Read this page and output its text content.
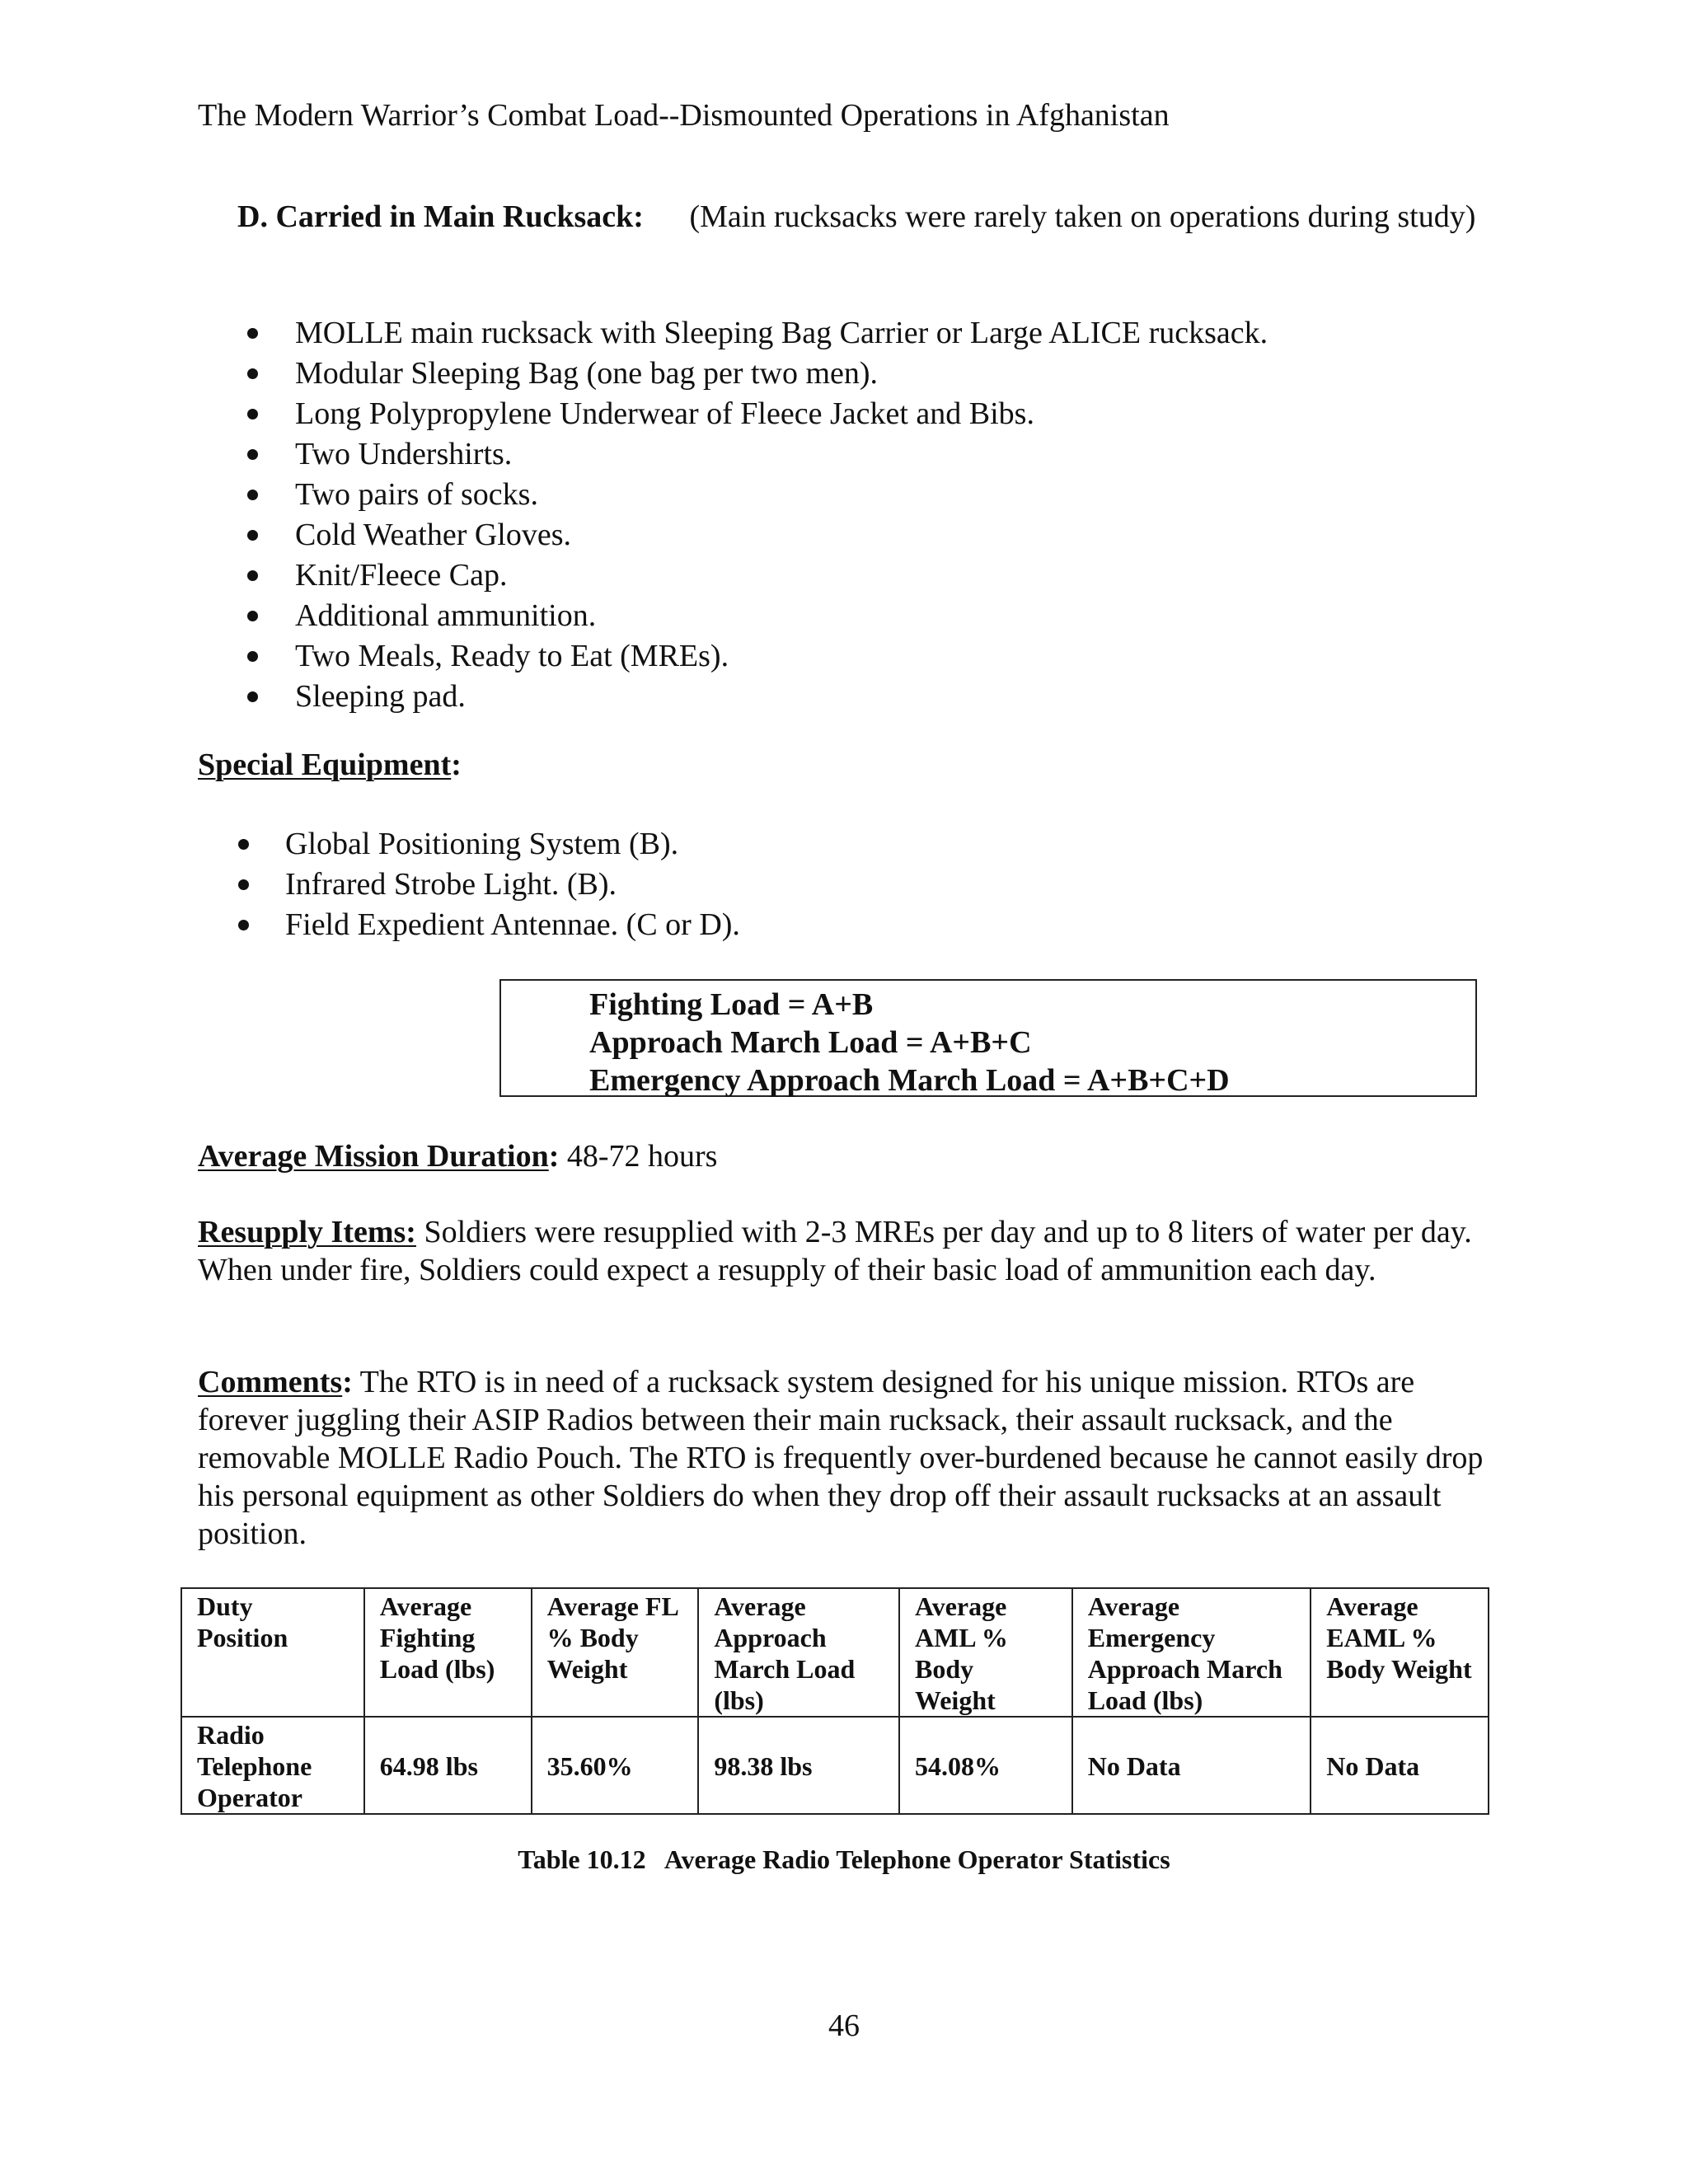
The Modern Warrior’s Combat Load--Dismounted Operations in Afghanistan
D. Carried in Main Rucksack: (Main rucksacks were rarely taken on operations during study)
MOLLE main rucksack with Sleeping Bag Carrier or Large ALICE rucksack.
Modular Sleeping Bag (one bag per two men).
Long Polypropylene Underwear of Fleece Jacket and Bibs.
Two Undershirts.
Two pairs of socks.
Cold Weather Gloves.
Knit/Fleece Cap.
Additional ammunition.
Two Meals, Ready to Eat (MREs).
Sleeping pad.
Special Equipment:
Global Positioning System (B).
Infrared Strobe Light. (B).
Field Expedient Antennae. (C or D).
Fighting Load = A+B
Approach March Load = A+B+C
Emergency Approach March Load = A+B+C+D
Average Mission Duration: 48-72 hours
Resupply Items: Soldiers were resupplied with 2-3 MREs per day and up to 8 liters of water per day. When under fire, Soldiers could expect a resupply of their basic load of ammunition each day.
Comments: The RTO is in need of a rucksack system designed for his unique mission. RTOs are forever juggling their ASIP Radios between their main rucksack, their assault rucksack, and the removable MOLLE Radio Pouch. The RTO is frequently over-burdened because he cannot easily drop his personal equipment as other Soldiers do when they drop off their assault rucksacks at an assault position.
Duty Position	Average Fighting Load (lbs)	Average FL % Body Weight	Average Approach March Load (lbs)	Average AML % Body Weight	Average Emergency Approach March Load (lbs)	Average EAML % Body Weight
Radio Telephone Operator	64.98 lbs	35.60%	98.38 lbs	54.08%	No Data	No Data
Table 10.12   Average Radio Telephone Operator Statistics
46
